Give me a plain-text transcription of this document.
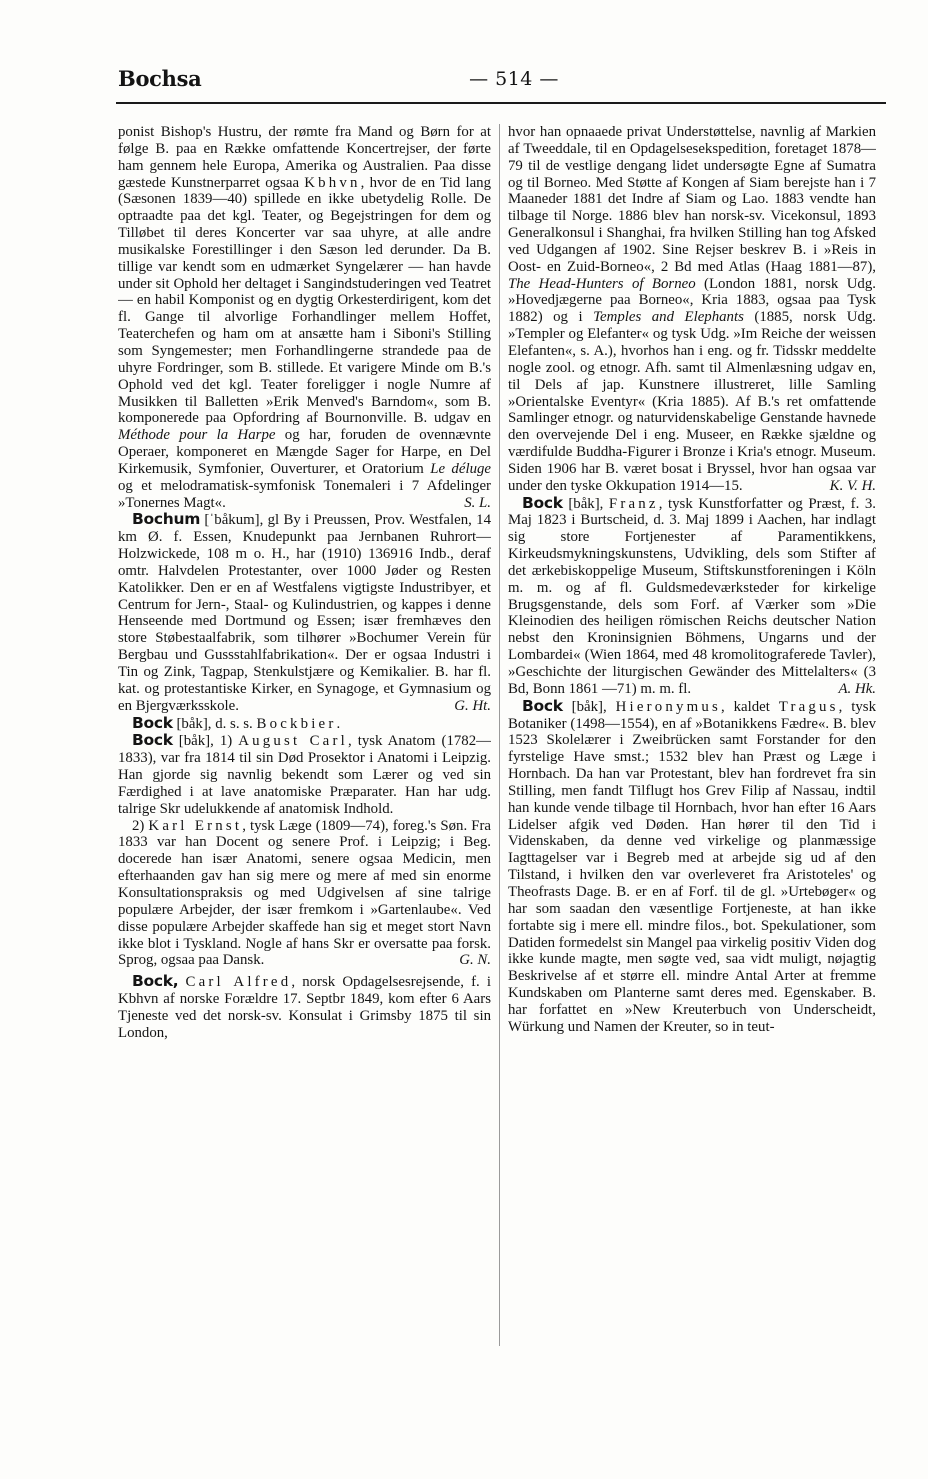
Bochsa	— 514 —

ponist Bishop's Hustru, der rømte fra Mand og Børn for at følge B. paa en Række omfattende Koncertrejser, der førte ham gennem hele Europa, Amerika og Australien. Paa disse gæstede Kunstnerparret ogsaa Kbhvn, hvor de en Tid lang (Sæsonen 1839—40) spillede en ikke ubetydelig Rolle. De optraadte paa det kgl. Teater, og Begejstringen for dem og Tilløbet til deres Koncerter var saa uhyre, at alle andre musikalske Forestillinger i den Sæson led derunder. Da B. tillige var kendt som en udmærket Syngelærer — han havde under sit Ophold her deltaget i Sangindstuderingen ved Teatret — en habil Komponist og en dygtig Orkesterdirigent, kom det fl. Gange til alvorlige Forhandlinger mellem Hoffet, Teaterchefen og ham om at ansætte ham i Siboni's Stilling som Syngemester; men Forhandlingerne strandede paa de uhyre Fordringer, som B. stillede. Et varigere Minde om B.'s Ophold ved det kgl. Teater foreligger i nogle Numre af Musikken til Balletten »Erik Menved's Barndom«, som B. komponerede paa Opfordring af Bournonville. B. udgav en Méthode pour la Harpe og har, foruden de ovennævnte Operaer, komponeret en Mængde Sager for Harpe, en Del Kirkemusik, Symfonier, Ouverturer, et Oratorium Le déluge og et melodramatisk-symfonisk Tonemaleri i 7 Afdelinger »Tonernes Magt«.	S. L.

Bochum [ˈbåkum], gl By i Preussen, Prov. Westfalen, 14 km Ø. f. Essen, Knudepunkt paa Jernbanen Ruhrort—Holzwickede, 108 m o. H., har (1910) 136916 Indb., deraf omtr. Halvdelen Protestanter, over 1000 Jøder og Resten Katolikker. Den er en af Westfalens vigtigste Industribyer, et Centrum for Jern-, Staal- og Kulindustrien, og kappes i denne Henseende med Dortmund og Essen; især fremhæves den store Støbestaalfabrik, som tilhører »Bochumer Verein für Bergbau und Gussstahlfabrikation«. Der er ogsaa Industri i Tin og Zink, Tagpap, Stenkulstjære og Kemikalier. B. har fl. kat. og protestantiske Kirker, en Synagoge, et Gymnasium og en Bjergværksskole.	G. Ht.

Bock [båk], d. s. s. Bockbier.

Bock [båk], 1) August Carl, tysk Anatom (1782—1833), var fra 1814 til sin Død Prosektor i Anatomi i Leipzig. Han gjorde sig navnlig bekendt som Lærer og ved sin Færdighed i at lave anatomiske Præparater. Han har udg. talrige Skr udelukkende af anatomisk Indhold.

2) Karl Ernst, tysk Læge (1809—74), foreg.'s Søn. Fra 1833 var han Docent og senere Prof. i Leipzig; i Beg. docerede han især Anatomi, senere ogsaa Medicin, men efterhaanden gav han sig mere og mere af med sin enorme Konsultationspraksis og med Udgivelsen af sine talrige populære Arbejder, der især fremkom i »Gartenlaube«. Ved disse populære Arbejder skaffede han sig et meget stort Navn ikke blot i Tyskland. Nogle af hans Skr er oversatte paa forsk. Sprog, ogsaa paa Dansk.	G. N.

Bock, Carl Alfred, norsk Opdagelsesrejsende, f. i Kbhvn af norske Forældre 17. Septbr 1849, kom efter 6 Aars Tjeneste ved det norsk-sv. Konsulat i Grimsby 1875 til sin London,

hvor han opnaaede privat Understøttelse, navnlig af Markien af Tweeddale, til en Opdagelsesekspedition, foretaget 1878—79 til de vestlige dengang lidet undersøgte Egne af Sumatra og til Borneo. Med Støtte af Kongen af Siam berejste han i 7 Maaneder 1881 det Indre af Siam og Lao. 1883 vendte han tilbage til Norge. 1886 blev han norsk-sv. Vicekonsul, 1893 Generalkonsul i Shanghai, fra hvilken Stilling han tog Afsked ved Udgangen af 1902. Sine Rejser beskrev B. i »Reis in Oost- en Zuid-Borneo«, 2 Bd med Atlas (Haag 1881—87), The Head-Hunters of Borneo (London 1881, norsk Udg. »Hovedjægerne paa Borneo«, Kria 1883, ogsaa paa Tysk 1882) og i Temples and Elephants (1885, norsk Udg. »Templer og Elefanter« og tysk Udg. »Im Reiche der weissen Elefanten«, s. A.), hvorhos han i eng. og fr. Tidsskr meddelte nogle zool. og etnogr. Afh. samt til Almenlæsning udgav en, til Dels af jap. Kunstnere illustreret, lille Samling »Orientalske Eventyr« (Kria 1885). Af B.'s ret omfattende Samlinger etnogr. og naturvidenskabelige Genstande havnede den overvejende Del i eng. Museer, en Række sjældne og værdifulde Buddha-Figurer i Bronze i Kria's etnogr. Museum. Siden 1906 har B. været bosat i Bryssel, hvor han ogsaa var under den tyske Okkupation 1914—15.	K. V. H.

Bock [båk], Franz, tysk Kunstforfatter og Præst, f. 3. Maj 1823 i Burtscheid, d. 3. Maj 1899 i Aachen, har indlagt sig store Fortjenester af Paramentikkens, Kirkeudsmykningskunstens, Udvikling, dels som Stifter af det ærkebiskoppelige Museum, Stiftskunstforeningen i Köln m. m. og af fl. Guldsmedeværksteder for kirkelige Brugsgenstande, dels som Forf. af Værker som »Die Kleinodien des heiligen römischen Reichs deutscher Nation nebst den Kroninsignien Böhmens, Ungarns und der Lombardei« (Wien 1864, med 48 kromolitograferede Tavler), »Geschichte der liturgischen Gewänder des Mittelalters« (3 Bd, Bonn 1861 —71) m. m. fl.	A. Hk.

Bock [båk], Hieronymus, kaldet Tragus, tysk Botaniker (1498—1554), en af »Botanikkens Fædre«. B. blev 1523 Skolelærer i Zweibrücken samt Forstander for den fyrstelige Have smst.; 1532 blev han Præst og Læge i Hornbach. Da han var Protestant, blev han fordrevet fra sin Stilling, men fandt Tilflugt hos Grev Filip af Nassau, indtil han kunde vende tilbage til Hornbach, hvor han efter 16 Aars Lidelser afgik ved Døden. Han hører til den Tid i Videnskaben, da denne ved virkelige og planmæssige Iagttagelser var i Begreb med at arbejde sig ud af den Tilstand, i hvilken den var overleveret fra Aristoteles' og Theofrasts Dage. B. er en af Forf. til de gl. »Urtebøger« og har som saadan den væsentlige Fortjeneste, at han ikke fortabte sig i mere ell. mindre filos., bot. Spekulationer, som Datiden formedelst sin Mangel paa virkelig positiv Viden dog ikke kunde magte, men søgte ved, saa vidt muligt, nøjagtig Beskrivelse af et større ell. mindre Antal Arter at fremme Kundskaben om Planterne samt deres med. Egenskaber. B. har forfattet en »New Kreuterbuch von Underscheidt, Würkung und Namen der Kreuter, so in teut-
